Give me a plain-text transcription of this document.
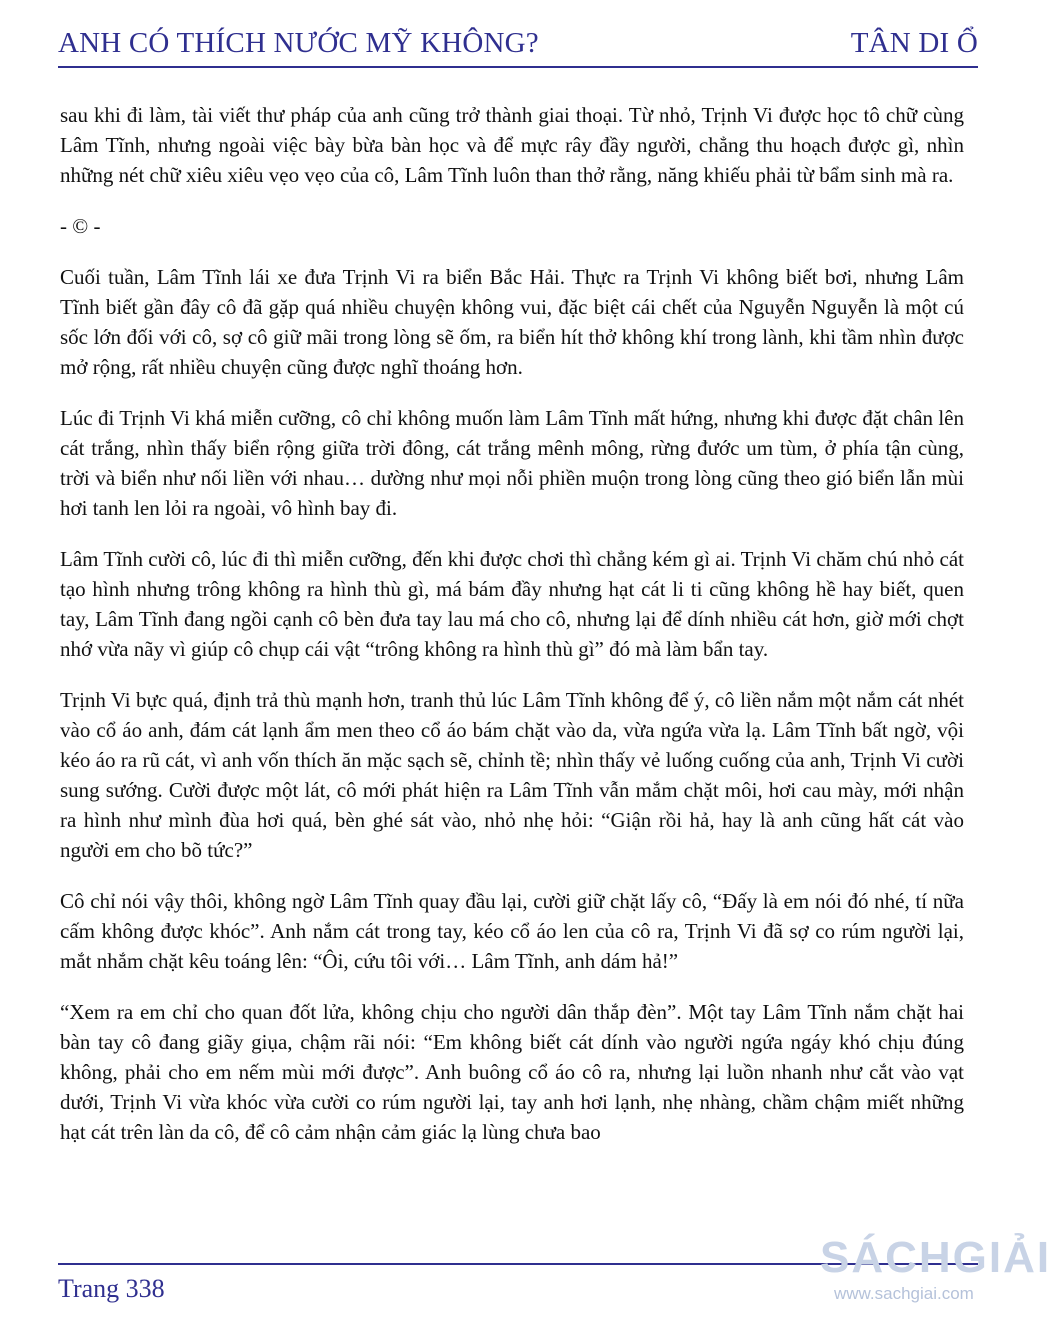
ANH CÓ THÍCH NƯỚC MỸ KHÔNG?	TÂN DI Ổ

sau khi đi làm, tài viết thư pháp của anh cũng trở thành giai thoại. Từ nhỏ, Trịnh Vi được học tô chữ cùng Lâm Tĩnh, nhưng ngoài việc bày bừa bàn học và để mực rây đầy người, chẳng thu hoạch được gì, nhìn những nét chữ xiêu xiêu vẹo vẹo của cô, Lâm Tĩnh luôn than thở rằng, năng khiếu phải từ bẩm sinh mà ra.

- © -

Cuối tuần, Lâm Tĩnh lái xe đưa Trịnh Vi ra biển Bắc Hải. Thực ra Trịnh Vi không biết bơi, nhưng Lâm Tĩnh biết gần đây cô đã gặp quá nhiều chuyện không vui, đặc biệt cái chết của Nguyễn Nguyễn là một cú sốc lớn đối với cô, sợ cô giữ mãi trong lòng sẽ ốm, ra biển hít thở không khí trong lành, khi tầm nhìn được mở rộng, rất nhiều chuyện cũng được nghĩ thoáng hơn.

Lúc đi Trịnh Vi khá miễn cưỡng, cô chỉ không muốn làm Lâm Tĩnh mất hứng, nhưng khi được đặt chân lên cát trắng, nhìn thấy biển rộng giữa trời đông, cát trắng mênh mông, rừng đước um tùm, ở phía tận cùng, trời và biển như nối liền với nhau… dường như mọi nỗi phiền muộn trong lòng cũng theo gió biển lẫn mùi hơi tanh len lỏi ra ngoài, vô hình bay đi.

Lâm Tĩnh cười cô, lúc đi thì miễn cưỡng, đến khi được chơi thì chẳng kém gì ai. Trịnh Vi chăm chú nhỏ cát tạo hình nhưng trông không ra hình thù gì, má bám đầy nhưng hạt cát li ti cũng không hề hay biết, quen tay, Lâm Tĩnh đang ngồi cạnh cô bèn đưa tay lau má cho cô, nhưng lại để dính nhiều cát hơn, giờ mới chợt nhớ vừa nãy vì giúp cô chụp cái vật “trông không ra hình thù gì” đó mà làm bẩn tay.

Trịnh Vi bực quá, định trả thù mạnh hơn, tranh thủ lúc Lâm Tĩnh không để ý, cô liền nắm một nắm cát nhét vào cổ áo anh, đám cát lạnh ẩm men theo cổ áo bám chặt vào da, vừa ngứa vừa lạ. Lâm Tĩnh bất ngờ, vội kéo áo ra rũ cát, vì anh vốn thích ăn mặc sạch sẽ, chỉnh tề; nhìn thấy vẻ luống cuống của anh, Trịnh Vi cười sung sướng. Cười được một lát, cô mới phát hiện ra Lâm Tĩnh vẫn mắm chặt môi, hơi cau mày, mới nhận ra hình như mình đùa hơi quá, bèn ghé sát vào, nhỏ nhẹ hỏi: “Giận rồi hả, hay là anh cũng hất cát vào người em cho bõ tức?”

Cô chỉ nói vậy thôi, không ngờ Lâm Tĩnh quay đầu lại, cười giữ chặt lấy cô, “Đấy là em nói đó nhé, tí nữa cấm không được khóc”. Anh nắm cát trong tay, kéo cổ áo len của cô ra, Trịnh Vi đã sợ co rúm người lại, mắt nhắm chặt kêu toáng lên: “Ôi, cứu tôi với… Lâm Tĩnh, anh dám hả!”

“Xem ra em chỉ cho quan đốt lửa, không chịu cho người dân thắp đèn”. Một tay Lâm Tĩnh nắm chặt hai bàn tay cô đang giãy giụa, chậm rãi nói: “Em không biết cát dính vào người ngứa ngáy khó chịu đúng không, phải cho em nếm mùi mới được”. Anh buông cổ áo cô ra, nhưng lại luồn nhanh như cắt vào vạt dưới, Trịnh Vi vừa khóc vừa cười co rúm người lại, tay anh hơi lạnh, nhẹ nhàng, chầm chậm miết những hạt cát trên làn da cô, để cô cảm nhận cảm giác lạ lùng chưa bao

Trang 338
SÁCHGIẢI
www.sachgiai.com
